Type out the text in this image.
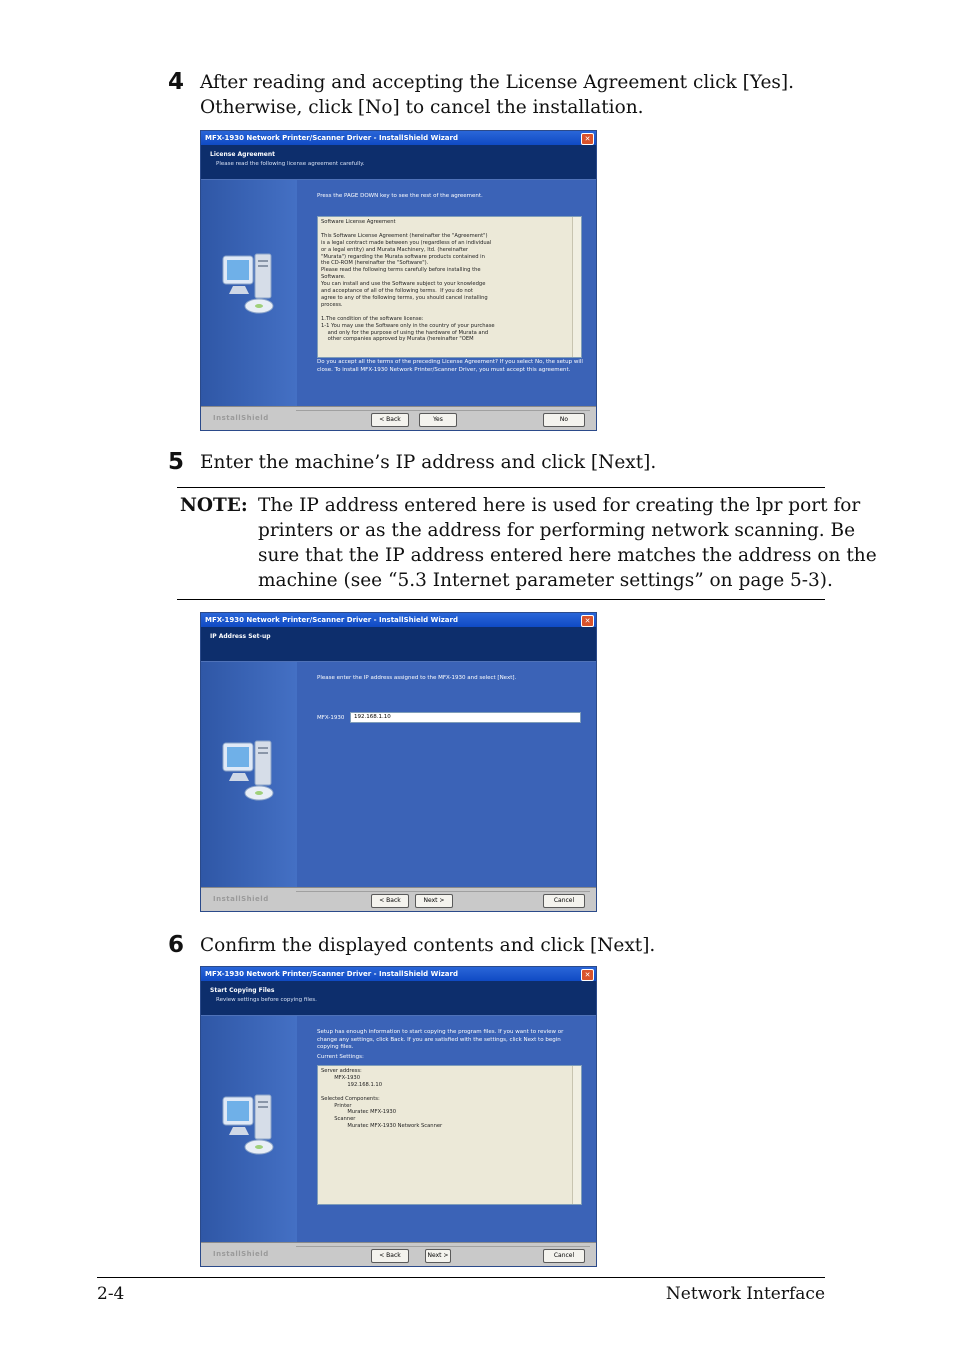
4 After reading and accepting the License Agreement click [Yes].
Otherwise, click [No] to cancel the installation.
MFX-1930 Network Printer/Scanner Driver - InstallShield Wizard	✕
License Agreement
Please read the following license agreement carefully.
Press the PAGE DOWN key to see the rest of the agreement.
Software License Agreement

This Software License Agreement (hereinafter the "Agreement")
is a legal contract made between you (regardless of an individual
or a legal entity) and Murata Machinery, ltd. (hereinafter
"Murata") regarding the Murata software products contained in
the CD-ROM (hereinafter the "Software").
Please read the following terms carefully before installing the
Software.
You can install and use the Software subject to your knowledge
and acceptance of all of the following terms.  If you do not
agree to any of the following terms, you should cancel installing
process.

1.The condition of the software license:
1-1 You may use the Software only in the country of your purchase
and only for the purpose of using the hardware of Murata and
other companies approved by Murata (hereinafter "OEM
Do you accept all the terms of the preceding License Agreement? If you select No, the setup will close. To install MFX-1930 Network Printer/Scanner Driver, you must accept this agreement.
InstallShield	< Back	Yes	No
5 Enter the machine’s IP address and click [Next].
NOTE: The IP address entered here is used for creating the lpr port for
printers or as the address for performing network scanning. Be
sure that the IP address entered here matches the address on the
machine (see “5.3 Internet parameter settings” on page 5-3).
MFX-1930 Network Printer/Scanner Driver - InstallShield Wizard	✕
IP Address Set-up
Please enter the IP address assigned to the MFX-1930 and select [Next].
MFX-1930	192.168.1.10
InstallShield	< Back	Next >	Cancel
6 Confirm the displayed contents and click [Next].
MFX-1930 Network Printer/Scanner Driver - InstallShield Wizard	✕
Start Copying Files
Review settings before copying files.
Setup has enough information to start copying the program files. If you want to review or change any settings, click Back. If you are satisfied with the settings, click Next to begin copying files.
Current Settings:
Server address:
MFX-1930
192.168.1.10

Selected Components:
Printer
Muratec MFX-1930
Scanner
Muratec MFX-1930 Network Scanner
InstallShield	< Back	Next >	Cancel
2-4	Network Interface
